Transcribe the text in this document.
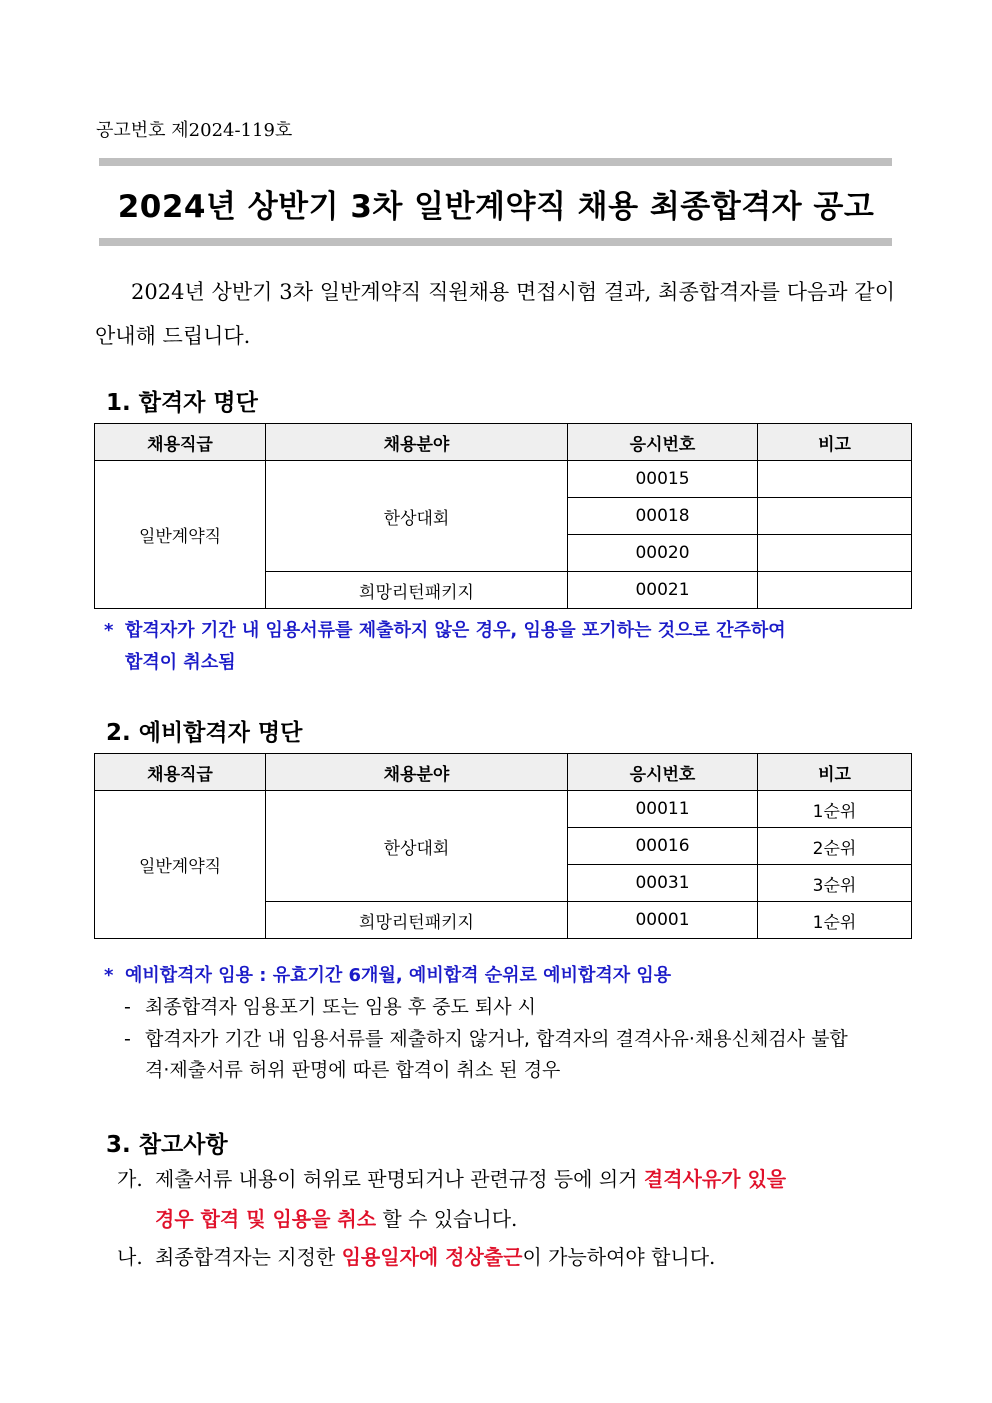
공고번호 제2024-119호
2024년 상반기 3차 일반계약직 채용 최종합격자 공고
2024년 상반기 3차 일반계약직 직원채용 면접시험 결과, 최종합격자를 다음과 같이 안내해 드립니다.
1. 합격자 명단
채용직급	채용분야	응시번호	비고
일반계약직	한상대회	00015	
		00018	
		00020	
	희망리턴패키지	00021	
* 합격자가 기간 내 임용서류를 제출하지 않은 경우, 임용을 포기하는 것으로 간주하여
합격이 취소됨
2. 예비합격자 명단
채용직급	채용분야	응시번호	비고
일반계약직	한상대회	00011	1순위
		00016	2순위
		00031	3순위
	희망리턴패키지	00001	1순위
* 예비합격자 임용 : 유효기간 6개월, 예비합격 순위로 예비합격자 임용
- 최종합격자 임용포기 또는 임용 후 중도 퇴사 시
- 합격자가 기간 내 임용서류를 제출하지 않거나, 합격자의 결격사유·채용신체검사 불합
격·제출서류 허위 판명에 따른 합격이 취소 된 경우
3. 참고사항
가. 제출서류 내용이 허위로 판명되거나 관련규정 등에 의거 결격사유가 있을
경우 합격 및 임용을 취소 할 수 있습니다.
나. 최종합격자는 지정한 임용일자에 정상출근이 가능하여야 합니다.
